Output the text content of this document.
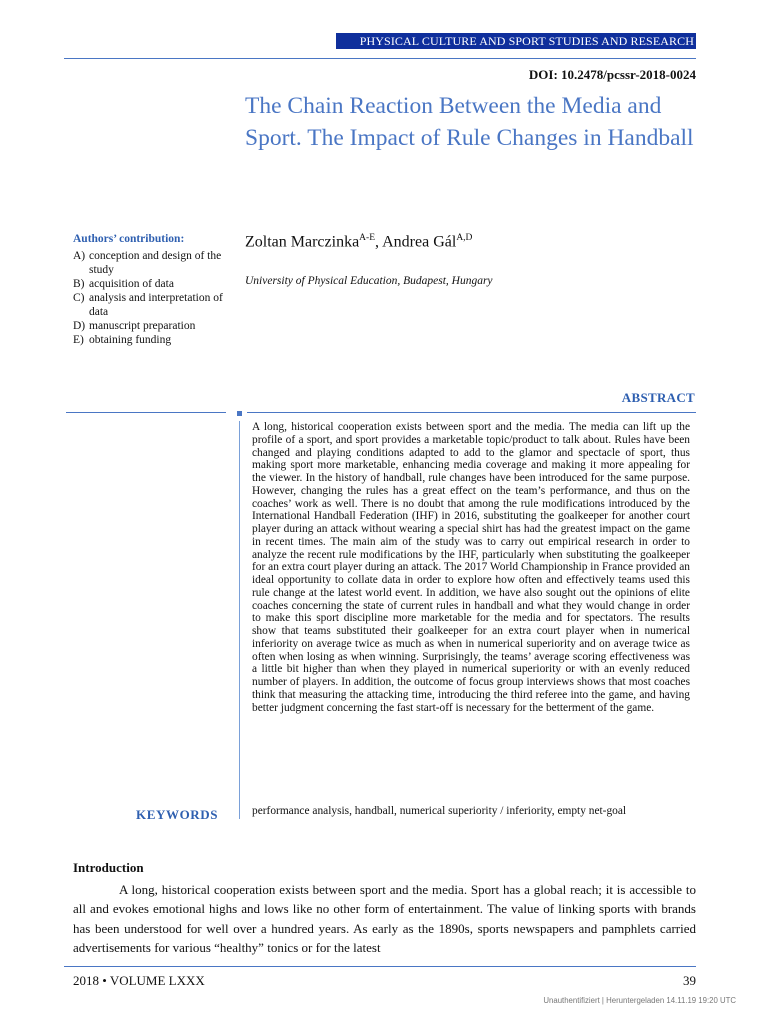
PHYSICAL CULTURE AND SPORT STUDIES AND RESEARCH
DOI: 10.2478/pcssr-2018-0024
The Chain Reaction Between the Media and Sport. The Impact of Rule Changes in Handball
Authors’ contribution:
A) conception and design of the study
B) acquisition of data
C) analysis and interpretation of data
D) manuscript preparation
E) obtaining funding
Zoltan Marczinka$^{A-E}$, Andrea Gál$^{A,D}$
University of Physical Education, Budapest, Hungary
ABSTRACT
A long, historical cooperation exists between sport and the media. The media can lift up the profile of a sport, and sport provides a marketable topic/product to talk about. Rules have been changed and playing conditions adapted to add to the glamor and spectacle of sport, thus making sport more marketable, enhancing media coverage and making it more appealing for the viewer. In the history of handball, rule changes have been introduced for the same purpose. However, changing the rules has a great effect on the team’s performance, and thus on the coaches’ work as well. There is no doubt that among the rule modifications introduced by the International Handball Federation (IHF) in 2016, substituting the goalkeeper for another court player during an attack without wearing a special shirt has had the greatest impact on the game in recent times. The main aim of the study was to carry out empirical research in order to analyze the recent rule modifications by the IHF, particularly when substituting the goalkeeper for an extra court player during an attack. The 2017 World Championship in France provided an ideal opportunity to collate data in order to explore how often and effectively teams used this rule change at the latest world event. In addition, we have also sought out the opinions of elite coaches concerning the state of current rules in handball and what they would change in order to make this sport discipline more marketable for the media and for spectators. The results show that teams substituted their goalkeeper for an extra court player when in numerical inferiority on average twice as much as when in numerical superiority and on average twice as often when losing as when winning. Surprisingly, the teams’ average scoring effectiveness was a little bit higher than when they played in numerical superiority or with an evenly reduced number of players. In addition, the outcome of focus group interviews shows that most coaches think that measuring the attacking time, introducing the third referee into the game, and having better judgment concerning the fast start-off is necessary for the betterment of the game.
KEYWORDS	performance analysis, handball, numerical superiority / inferiority, empty net-goal
Introduction

A long, historical cooperation exists between sport and the media. Sport has a global reach; it is accessible to all and evokes emotional highs and lows like no other form of entertainment. The value of linking sports with brands has been understood for well over a hundred years. As early as the 1890s, sports newspapers and pamphlets carried advertisements for various “healthy” tonics or for the latest

2018 • VOLUME LXXX	39
Unauthentifiziert | Heruntergeladen 14.11.19 19:20 UTC
